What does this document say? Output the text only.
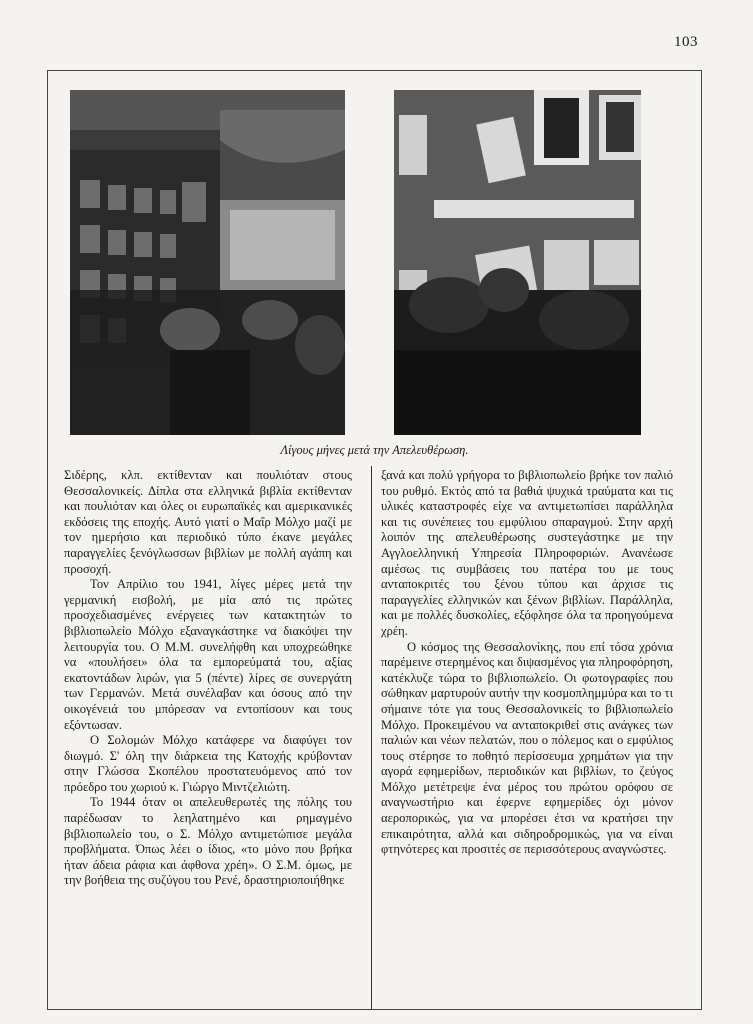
103
Λίγους μήνες μετά την Απελευθέρωση.

Σιδέρης, κλπ. εκτίθενταν και πουλιόταν στους Θεσσαλονικείς. Δίπλα στα ελληνικά βιβλία εκτίθενταν και πουλιόταν και όλες οι ευρωπαϊκές και αμερικανικές εκδόσεις της εποχής. Αυτό γιατί ο Μαΐρ Μόλχο μαζί με τον ημερήσιο και περιοδικό τύπο έκανε μεγάλες παραγγελίες ξενόγλωσσων βιβλίων με πολλή αγάπη και προσοχή.

Τον Απρίλιο του 1941, λίγες μέρες μετά την γερμανική εισβολή, με μία από τις πρώτες προσχεδιασμένες ενέργειες των κατακτητών το βιβλιοπωλείο Μόλχο εξαναγκάστηκε να διακόψει την λειτουργία του. Ο Μ.Μ. συνελήφθη και υποχρεώθηκε να «πουλήσει» όλα τα εμπορεύματά του, αξίας εκατοντάδων λιρών, για 5 (πέντε) λίρες σε συνεργάτη των Γερμανών. Μετά συνέλαβαν και όσους από την οικογένειά του μπόρεσαν να εντοπίσουν και τους εξόντωσαν.

Ο Σολομών Μόλχο κατάφερε να διαφύγει τον διωγμό. Σ' όλη την διάρκεια της Κατοχής κρύβονταν στην Γλώσσα Σκοπέλου προστατευόμενος από τον πρόεδρο του χωριού κ. Γιώργο Μιντζελιώτη.

Το 1944 όταν οι απελευθερωτές της πόλης του παρέδωσαν το λεηλατημένο και ρημαγμένο βιβλιοπωλείο του, ο Σ. Μόλχο αντιμετώπισε μεγάλα προβλήματα. Όπως λέει ο ίδιος, «το μόνο που βρήκα ήταν άδεια ράφια και άφθονα χρέη». Ο Σ.Μ. όμως, με την βοήθεια της συζύγου του Ρενέ, δραστηριοποιήθηκε

ξανά και πολύ γρήγορα το βιβλιοπωλείο βρήκε τον παλιό του ρυθμό. Εκτός από τα βαθιά ψυχικά τραύματα και τις υλικές καταστροφές είχε να αντιμετωπίσει παράλληλα και τις συνέπειες του εμφύλιου σπαραγμού. Στην αρχή λοιπόν της απελευθέρωσης συστεγάστηκε με την Αγγλοελληνική Υπηρεσία Πληροφοριών. Ανανέωσε αμέσως τις συμβάσεις του πατέρα του με τους ανταποκριτές του ξένου τύπου και άρχισε τις παραγγελίες ελληνικών και ξένων βιβλίων. Παράλληλα, και με πολλές δυσκολίες, εξόφλησε όλα τα προηγούμενα χρέη.

Ο κόσμος της Θεσσαλονίκης, που επί τόσα χρόνια παρέμεινε στερημένος και διψασμένος για πληροφόρηση, κατέκλυζε τώρα το βιβλιοπωλείο. Οι φωτογραφίες που σώθηκαν μαρτυρούν αυτήν την κοσμοπλημμύρα και το τι σήμαινε τότε για τους Θεσσαλονικείς το βιβλιοπωλείο Μόλχο. Προκειμένου να ανταποκριθεί στις ανάγκες των παλιών και νέων πελατών, που ο πόλεμος και ο εμφύλιος τους στέρησε το ποθητό περίσσευμα χρημάτων για την αγορά εφημερίδων, περιοδικών και βιβλίων, το ζεύγος Μόλχο μετέτρεψε ένα μέρος του πρώτου ορόφου σε αναγνωστήριο και έφερνε εφημερίδες όχι μόνον αεροπορικώς, για να μπορέσει έτσι να κρατήσει την επικαιρότητα, αλλά και σιδηροδρομικώς, για να είναι φτηνότερες και προσιτές σε περισσότερους αναγνώστες.
